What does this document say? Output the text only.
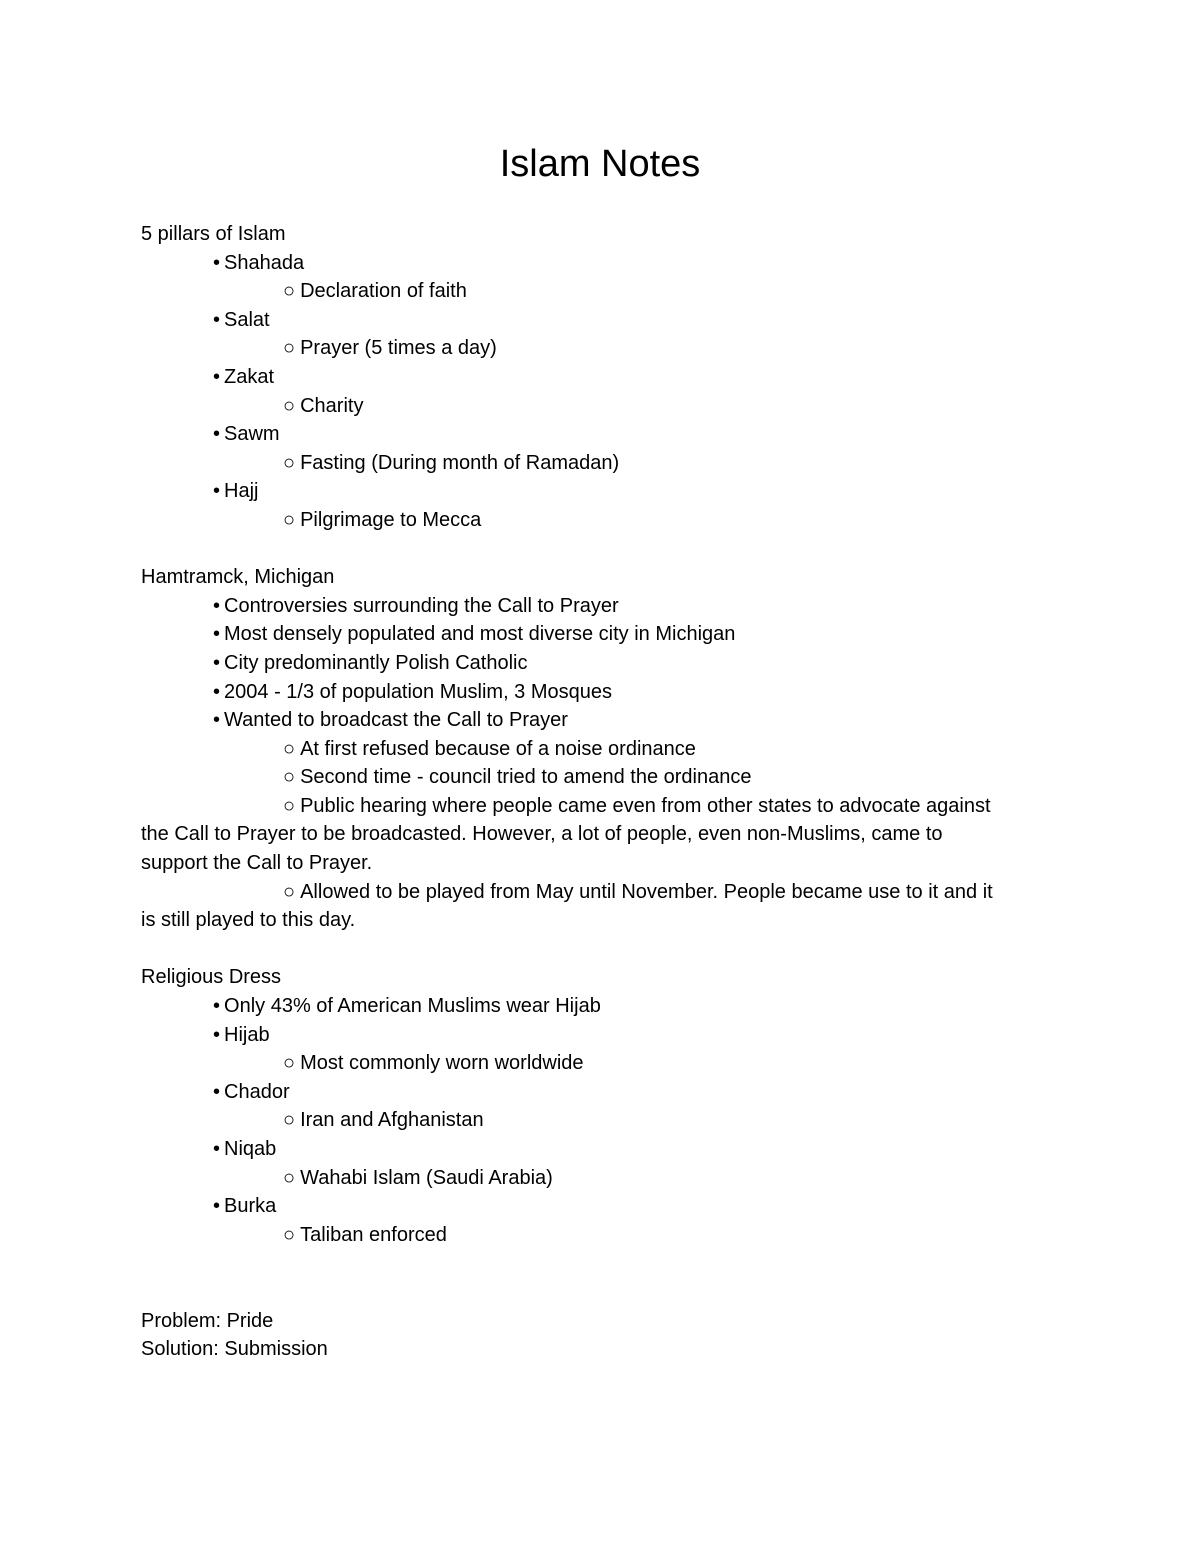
Islam Notes
5 pillars of Islam
• Shahada
○ Declaration of faith
• Salat
○ Prayer (5 times a day)
• Zakat
○ Charity
• Sawm
○ Fasting (During month of Ramadan)
• Hajj
○ Pilgrimage to Mecca
Hamtramck, Michigan
• Controversies surrounding the Call to Prayer
• Most densely populated and most diverse city in Michigan
• City predominantly Polish Catholic
• 2004 - 1/3 of population Muslim, 3 Mosques
• Wanted to broadcast the Call to Prayer
○ At first refused because of a noise ordinance
○ Second time - council tried to amend the ordinance
○ Public hearing where people came even from other states to advocate against
the Call to Prayer to be broadcasted. However, a lot of people, even non-Muslims, came to
support the Call to Prayer.
○ Allowed to be played from May until November. People became use to it and it
is still played to this day.
Religious Dress
• Only 43% of American Muslims wear Hijab
• Hijab
○ Most commonly worn worldwide
• Chador
○ Iran and Afghanistan
• Niqab
○ Wahabi Islam (Saudi Arabia)
• Burka
○ Taliban enforced
Problem: Pride
Solution: Submission
